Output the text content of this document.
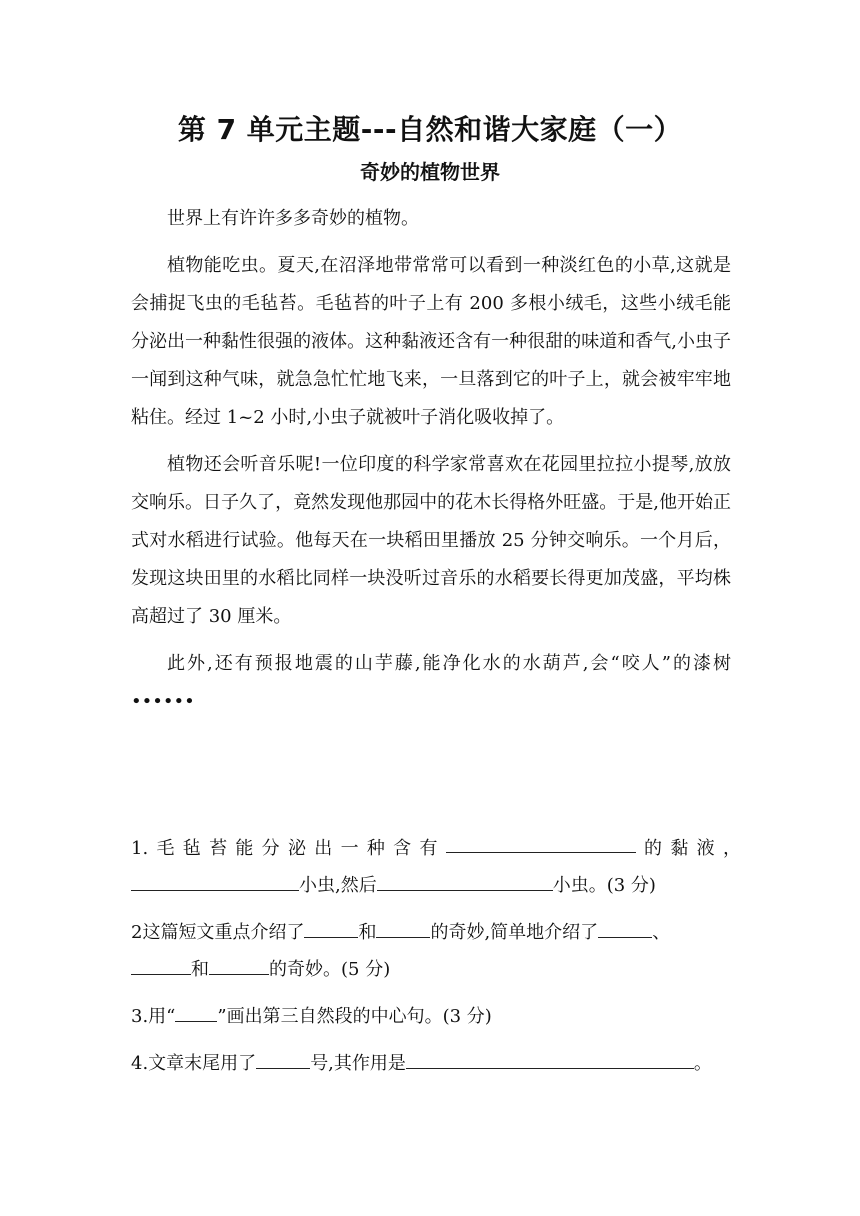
第 7 单元主题---自然和谐大家庭（一）
奇妙的植物世界

世界上有许许多多奇妙的植物。

植物能吃虫。夏天,在沼泽地带常常可以看到一种淡红色的小草,这就是会捕捉飞虫的毛毡苔。毛毡苔的叶子上有 200 多根小绒毛，这些小绒毛能分泌出一种黏性很强的液体。这种黏液还含有一种很甜的味道和香气,小虫子一闻到这种气味，就急急忙忙地飞来，一旦落到它的叶子上，就会被牢牢地粘住。经过 1~2 小时,小虫子就被叶子消化吸收掉了。

植物还会听音乐呢!一位印度的科学家常喜欢在花园里拉拉小提琴,放放交响乐。日子久了，竟然发现他那园中的花木长得格外旺盛。于是,他开始正式对水稻进行试验。他每天在一块稻田里播放 25 分钟交响乐。一个月后，发现这块田里的水稻比同样一块没听过音乐的水稻要长得更加茂盛，平均株高超过了 30 厘米。

此外,还有预报地震的山芋藤,能净化水的水葫芦,会“咬人”的漆树••••••

1. 毛 毡 苔 能 分 泌 出 一 种 含 有	的 黏 液 ，
小虫,然后	小虫。(3 分)

2这篇短文重点介绍了	和	的奇妙,简单地介绍了	、
和	的奇妙。(5 分)

3.用“ ”画出第三自然段的中心句。(3 分)

4.文章末尾用了	号,其作用是	。
